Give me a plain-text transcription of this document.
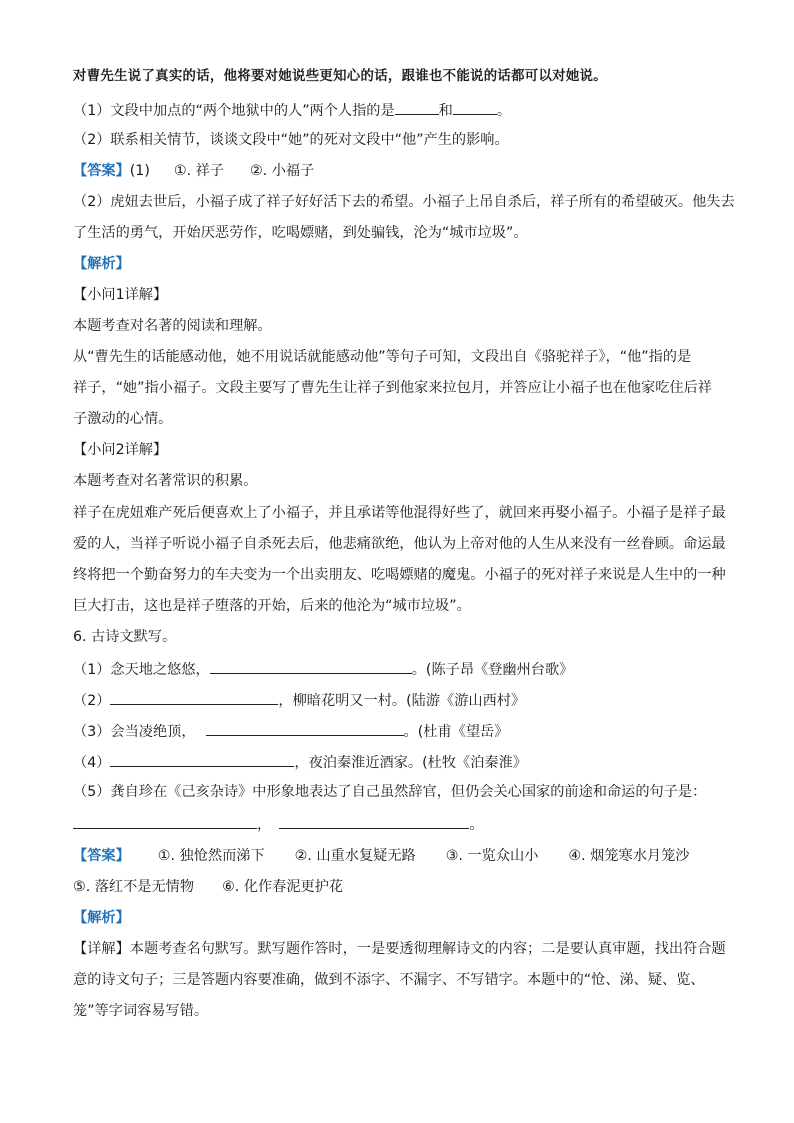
对曹先生说了真实的话，他将要对她说些更知心的话，跟谁也不能说的话都可以对她说。
（1）文段中加点的“两个地狱中的人”两个人指的是	和	。
（2）联系相关情节，谈谈文段中“她”的死对文段中“他”产生的影响。
【答案】(1) ①. 祥子 ②. 小福子
（2）虎妞去世后，小福子成了祥子好好活下去的希望。小福子上吊自杀后，祥子所有的希望破灭。他失去
了生活的勇气，开始厌恶劳作，吃喝嫖赌，到处骗钱，沦为“城市垃圾”。
【解析】
【小问1详解】
本题考查对名著的阅读和理解。
从“曹先生的话能感动他，她不用说话就能感动他”等句子可知，文段出自《骆驼祥子》，“他”指的是
祥子，“她”指小福子。文段主要写了曹先生让祥子到他家来拉包月，并答应让小福子也在他家吃住后祥
子激动的心情。
【小问2详解】
本题考查对名著常识的积累。
祥子在虎妞难产死后便喜欢上了小福子，并且承诺等他混得好些了，就回来再娶小福子。小福子是祥子最
爱的人，当祥子听说小福子自杀死去后，他悲痛欲绝，他认为上帝对他的人生从来没有一丝眷顾。命运最
终将把一个勤奋努力的车夫变为一个出卖朋友、吃喝嫖赌的魔鬼。小福子的死对祥子来说是人生中的一种
巨大打击，这也是祥子堕落的开始，后来的他沦为“城市垃圾”。
6. 古诗文默写。
（1）念天地之悠悠，	。(陈子昂《登幽州台歌》
（2）	，柳暗花明又一村。(陆游《游山西村》
（3）会当凌绝顶，	。(杜甫《望岳》
（4）	，夜泊秦淮近酒家。(杜牧《泊秦淮》
（5）龚自珍在《己亥杂诗》中形象地表达了自己虽然辞官，但仍会关心国家的前途和命运的句子是：
，	。
【答案】 ①. 独怆然而涕下 ②. 山重水复疑无路 ③. 一览众山小 ④. 烟笼寒水月笼沙
⑤. 落红不是无情物 ⑥. 化作春泥更护花
【解析】
【详解】本题考查名句默写。默写题作答时，一是要透彻理解诗文的内容；二是要认真审题，找出符合题
意的诗文句子；三是答题内容要准确，做到不添字、不漏字、不写错字。本题中的“怆、涕、疑、览、
笼”等字词容易写错。
